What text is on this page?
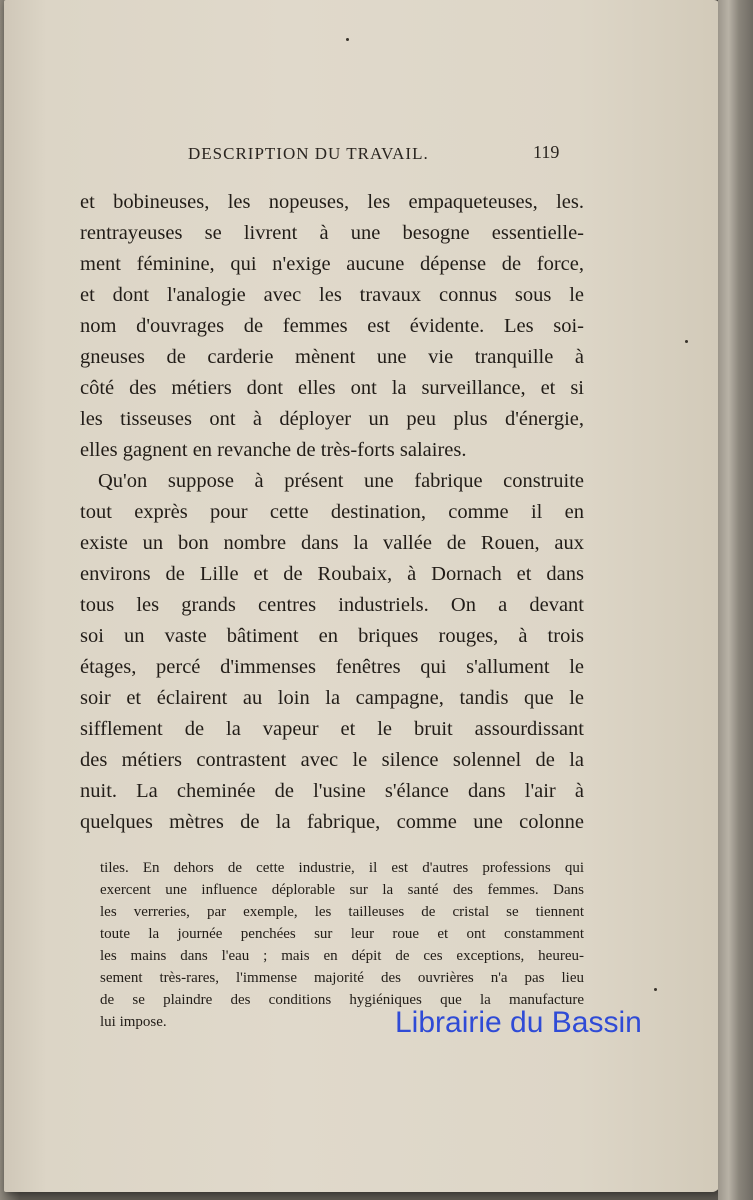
DESCRIPTION DU TRAVAIL.	119
et bobineuses, les nopeuses, les empaqueteuses, les.
rentrayeuses se livrent à une besogne essentielle-
ment féminine, qui n'exige aucune dépense de force,
et dont l'analogie avec les travaux connus sous le
nom d'ouvrages de femmes est évidente. Les soi-
gneuses de carderie mènent une vie tranquille à
côté des métiers dont elles ont la surveillance, et si
les tisseuses ont à déployer un peu plus d'énergie,
elles gagnent en revanche de très-forts salaires.
Qu'on suppose à présent une fabrique construite
tout exprès pour cette destination, comme il en
existe un bon nombre dans la vallée de Rouen, aux
environs de Lille et de Roubaix, à Dornach et dans
tous les grands centres industriels. On a devant
soi un vaste bâtiment en briques rouges, à trois
étages, percé d'immenses fenêtres qui s'allument le
soir et éclairent au loin la campagne, tandis que le
sifflement de la vapeur et le bruit assourdissant
des métiers contrastent avec le silence solennel de la
nuit. La cheminée de l'usine s'élance dans l'air à
quelques mètres de la fabrique, comme une colonne
tiles. En dehors de cette industrie, il est d'autres professions qui
exercent une influence déplorable sur la santé des femmes. Dans
les verreries, par exemple, les tailleuses de cristal se tiennent
toute la journée penchées sur leur roue et ont constamment
les mains dans l'eau ; mais en dépit de ces exceptions, heureu-
sement très-rares, l'immense majorité des ouvrières n'a pas lieu
de se plaindre des conditions hygiéniques que la manufacture
lui impose.	Librairie du Bassin
